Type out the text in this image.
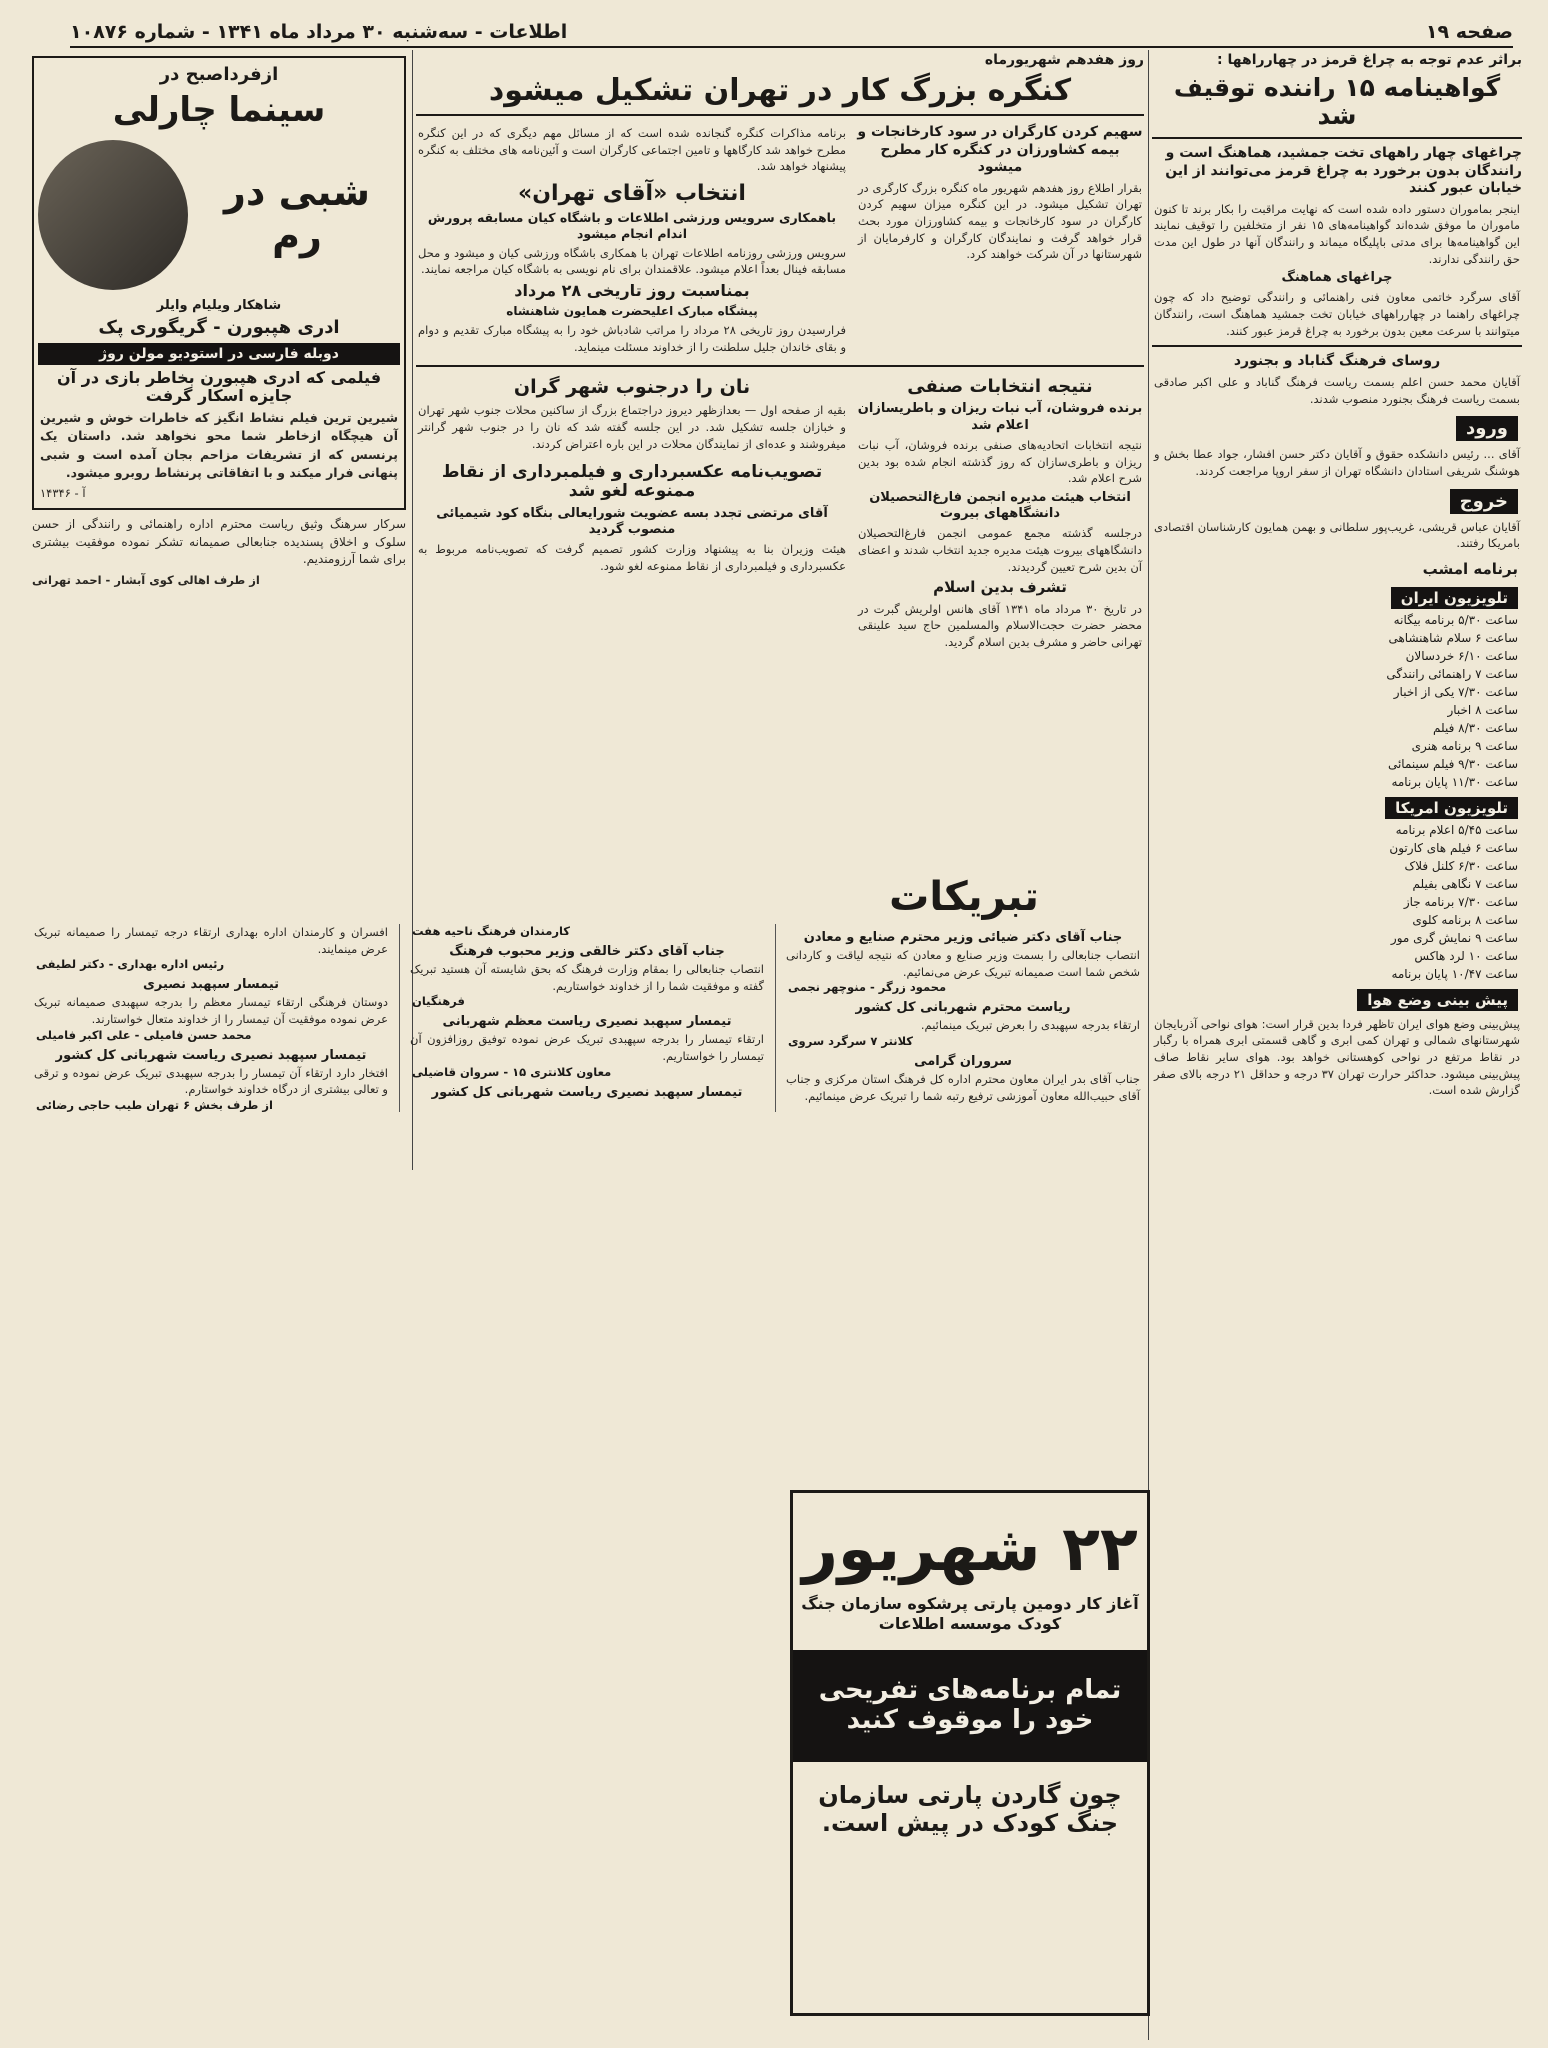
صفحه ۱۹
اطلاعات - سه‌شنبه ۳۰ مرداد ماه ۱۳۴۱ - شماره ۱۰۸۷۶
براثر عدم توجه به چراغ قرمز در چهارراهها :
گواهینامه ۱۵ راننده توقیف شد
چراغهای چهار راههای تخت جمشید، هماهنگ است و رانندگان بدون برخورد به چراغ قرمز می‌توانند از این خیابان عبور کنند
اینجر بماموران دستور داده شده است که نهایت مراقبت را بکار برند تا کنون ماموران ما موفق شده‌اند گواهینامه‌های ۱۵ نفر از متخلفین را توقیف نمایند این گواهینامه‌ها برای مدتی باپلیگاه میماند و رانندگان آنها در طول این مدت حق رانندگی ندارند.
چراغهای هماهنگ
آقای سرگرد خاتمی معاون فنی راهنمائی و رانندگی توضیح داد که چون چراغهای راهنما در چهارراههای خیابان تخت جمشید هماهنگ است، رانندگان میتوانند با سرعت معین بدون برخورد به چراغ قرمز عبور کنند.
روسای فرهنگ گناباد و بجنورد
آقایان محمد حسن اعلم بسمت ریاست فرهنگ گناباد و علی اکبر صادقی بسمت ریاست فرهنگ بجنورد منصوب شدند.
ورود
آقای ... رئیس دانشکده حقوق و آقایان دکتر حسن افشار، جواد عطا بخش و هوشنگ شریفی استادان دانشگاه تهران از سفر اروپا مراجعت کردند.
خروج
آقایان عباس قریشی، غریب‌پور سلطانی و بهمن همایون کارشناسان اقتصادی بامریکا رفتند.
برنامه امشب
تلویزیون ایران
ساعت ۵/۳۰ برنامه بیگانه
ساعت ۶ سلام شاهنشاهی
ساعت ۶/۱۰ خردسالان
ساعت ۷ راهنمائی رانندگی
ساعت ۷/۳۰ یکی از اخبار
ساعت ۸ اخبار
ساعت ۸/۳۰ فیلم
ساعت ۹ برنامه هنری
ساعت ۹/۳۰ فیلم سینمائی
ساعت ۱۱/۳۰ پایان برنامه
تلویزیون امریکا
ساعت ۵/۴۵ اعلام برنامه
ساعت ۶ فیلم های کارتون
ساعت ۶/۳۰ کلنل فلاک
ساعت ۷ نگاهی بفیلم
ساعت ۷/۳۰ برنامه جاز
ساعت ۸ برنامه کلوی
ساعت ۹ نمایش گری مور
ساعت ۱۰ لرد هاکس
ساعت ۱۰/۴۷ پایان برنامه
پیش بینی وضع هوا
پیش‌بینی وضع هوای ایران تاظهر فردا بدین قرار است: هوای نواحی آذربایجان شهرستانهای شمالی و تهران کمی ابری و گاهی قسمتی ابری همراه با رگبار در نقاط مرتفع در نواحی کوهستانی خواهد بود. هوای سایر نقاط صاف پیش‌بینی میشود. حداکثر حرارت تهران ۳۷ درجه و حداقل ۲۱ درجه بالای صفر گزارش شده است.
روز هفدهم شهریورماه
کنگره بزرگ کار در تهران تشکیل میشود
سهیم کردن کارگران در سود کارخانجات و بیمه کشاورزان در کنگره کار مطرح میشود
بقرار اطلاع روز هفدهم شهریور ماه کنگره بزرگ کارگری در تهران تشکیل میشود. در این کنگره میزان سهیم کردن کارگران در سود کارخانجات و بیمه کشاورزان مورد بحث قرار خواهد گرفت و نمایندگان کارگران و کارفرمایان از شهرستانها در آن شرکت خواهند کرد.
برنامه مذاکرات کنگره گنجانده شده است که از مسائل مهم دیگری که در این کنگره مطرح خواهد شد کارگاهها و تامین اجتماعی کارگران است و آئین‌نامه های مختلف به کنگره پیشنهاد خواهد شد.
انتخاب «آقای تهران»
باهمکاری سرویس ورزشی اطلاعات و باشگاه کیان مسابقه پرورش اندام انجام میشود
سرویس ورزشی روزنامه اطلاعات تهران با همکاری باشگاه ورزشی کیان و میشود و محل مسابقه فینال بعداً اعلام میشود. علاقمندان برای نام نویسی به باشگاه کیان مراجعه نمایند.
بمناسبت روز تاریخی ۲۸ مرداد
پیشگاه مبارک اعلیحضرت همایون شاهنشاه
فرارسیدن روز تاریخی ۲۸ مرداد را مراتب شادباش خود را به پیشگاه مبارک تقدیم و دوام و بقای خاندان جلیل سلطنت را از خداوند مسئلت مینماید.
نتیجه انتخابات صنفی
برنده فروشان، آب نبات ریزان و باطریسازان اعلام شد
نتیجه انتخابات اتحادیه‌های صنفی برنده فروشان، آب نبات ریزان و باطری‌سازان که روز گذشته انجام شده بود بدین شرح اعلام شد.
انتخاب هیئت مدیره انجمن فارغ‌التحصیلان دانشگاههای بیروت
درجلسه گذشته مجمع عمومی انجمن فارغ‌التحصیلان دانشگاههای بیروت هیئت مدیره جدید انتخاب شدند و اعضای آن بدین شرح تعیین گردیدند.
تشرف بدین اسلام
در تاریخ ۳۰ مرداد ماه ۱۳۴۱ آقای هانس اولریش گبرت در محضر حضرت حجت‌الاسلام والمسلمین حاج سید علینقی تهرانی حاضر و مشرف بدین اسلام گردید.
نان را درجنوب شهر گران
بقیه از صفحه اول — بعدازظهر دیروز دراجتماع بزرگ از ساکنین محلات جنوب شهر تهران و خبازان جلسه تشکیل شد. در این جلسه گفته شد که نان را در جنوب شهر گرانتر میفروشند و عده‌ای از نمایندگان محلات در این باره اعتراض کردند.
تصویب‌نامه عکسبرداری و فیلمبرداری از نقاط ممنوعه لغو شد
آقای مرتضی تجدد بسه عضویت شورایعالی بنگاه کود شیمیائی منصوب گردید
هیئت وزیران بنا به پیشنهاد وزارت کشور تصمیم گرفت که تصویب‌نامه مربوط به عکسبرداری و فیلمبرداری از نقاط ممنوعه لغو شود.
ازفرداصبح در
سینما چارلی
شبی در رم
شاهکار ویلیام وایلر
ادری هپبورن - گریگوری پک
دوبله فارسی در استودیو مولن روژ
فیلمی که ادری هپبورن بخاطر بازی در آن جایزه اسکار گرفت
شیرین ترین فیلم نشاط انگیز که خاطرات خوش و شیرین آن هیچگاه ازخاطر شما محو نخواهد شد. داستان یک پرنسس که از تشریفات مزاحم بجان آمده است و شبی پنهانی فرار میکند و با اتفاقاتی پرنشاط روبرو میشود.
آ - ۱۴۳۴۶
سرکار سرهنگ وثیق ریاست محترم اداره راهنمائی و رانندگی از حسن سلوک و اخلاق پسندیده جنابعالی صمیمانه تشکر نموده موفقیت بیشتری برای شما آرزومندیم.
از طرف اهالی کوی آبشار - احمد تهرانی
تبریکات
جناب آقای دکتر ضیائی وزیر محترم صنایع و معادن
انتصاب جنابعالی را بسمت وزیر صنایع و معادن که نتیجه لیاقت و کاردانی شخص شما است صمیمانه تبریک عرض می‌نمائیم.
محمود زرگر - منوچهر نجمی
ریاست محترم شهربانی کل کشور
ارتقاء بدرجه سپهبدی را بعرض تبریک مینمائیم.
کلانتر ۷ سرگرد سروی
سروران گرامی
جناب آقای بدر ایران معاون محترم اداره کل فرهنگ استان مرکزی و جناب آقای حبیب‌الله معاون آموزشی ترفیع رتبه شما را تبریک عرض مینمائیم.
کارمندان فرهنگ ناحیه هفت
جناب آقای دکتر خالقی وزیر محبوب فرهنگ
انتصاب جنابعالی را بمقام وزارت فرهنگ که بحق شایسته آن هستید تبریک گفته و موفقیت شما را از خداوند خواستاریم.
فرهنگیان
تیمسار سپهبد نصیری ریاست معظم شهربانی
ارتقاء تیمسار را بدرجه سپهبدی تبریک عرض نموده توفیق روزافزون آن تیمسار را خواستاریم.
معاون کلانتری ۱۵ - سروان قاضیلی
تیمسار سپهبد نصیری ریاست شهربانی کل کشور
افسران و کارمندان اداره بهداری ارتقاء درجه تیمسار را صمیمانه تبریک عرض مینمایند.
رئیس اداره بهداری - دکتر لطیفی
تیمسار سپهبد نصیری
دوستان فرهنگی ارتقاء تیمسار معظم را بدرجه سپهبدی صمیمانه تبریک عرض نموده موفقیت آن تیمسار را از خداوند متعال خواستارند.
محمد حسن فامیلی - علی اکبر فامیلی
تیمسار سپهبد نصیری ریاست شهربانی کل کشور
افتخار دارد ارتقاء آن تیمسار را بدرجه سپهبدی تبریک عرض نموده و ترقی و تعالی بیشتری از درگاه خداوند خواستارم.
از طرف بخش ۶ تهران طیب حاجی رضائی
۲۲ شهریور
آغاز کار دومین پارتی پرشکوه سازمان جنگ کودک موسسه اطلاعات
تمام برنامه‌های تفریحی خود را موقوف کنید
چون گاردن پارتی سازمان جنگ کودک در پیش است.
